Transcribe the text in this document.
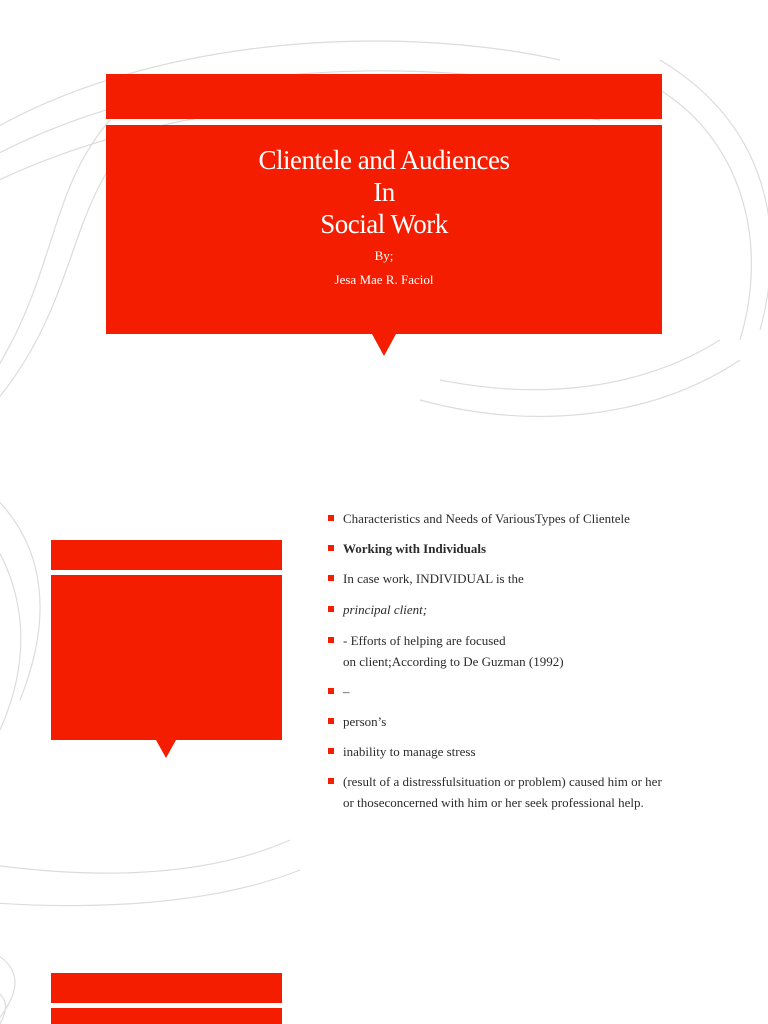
Clientele and Audiences
In
Social Work
By;
Jesa Mae R. Faciol
Characteristics and Needs of VariousTypes of Clientele
Working with Individuals
In case work, INDIVIDUAL is the
principal client;
- Efforts of helping are focused
on client;According to De Guzman (1992)
–
person’s
inability to manage stress
(result of a distressfulsituation or problem) caused him or her
or thoseconcerned with him or her seek professional help.
